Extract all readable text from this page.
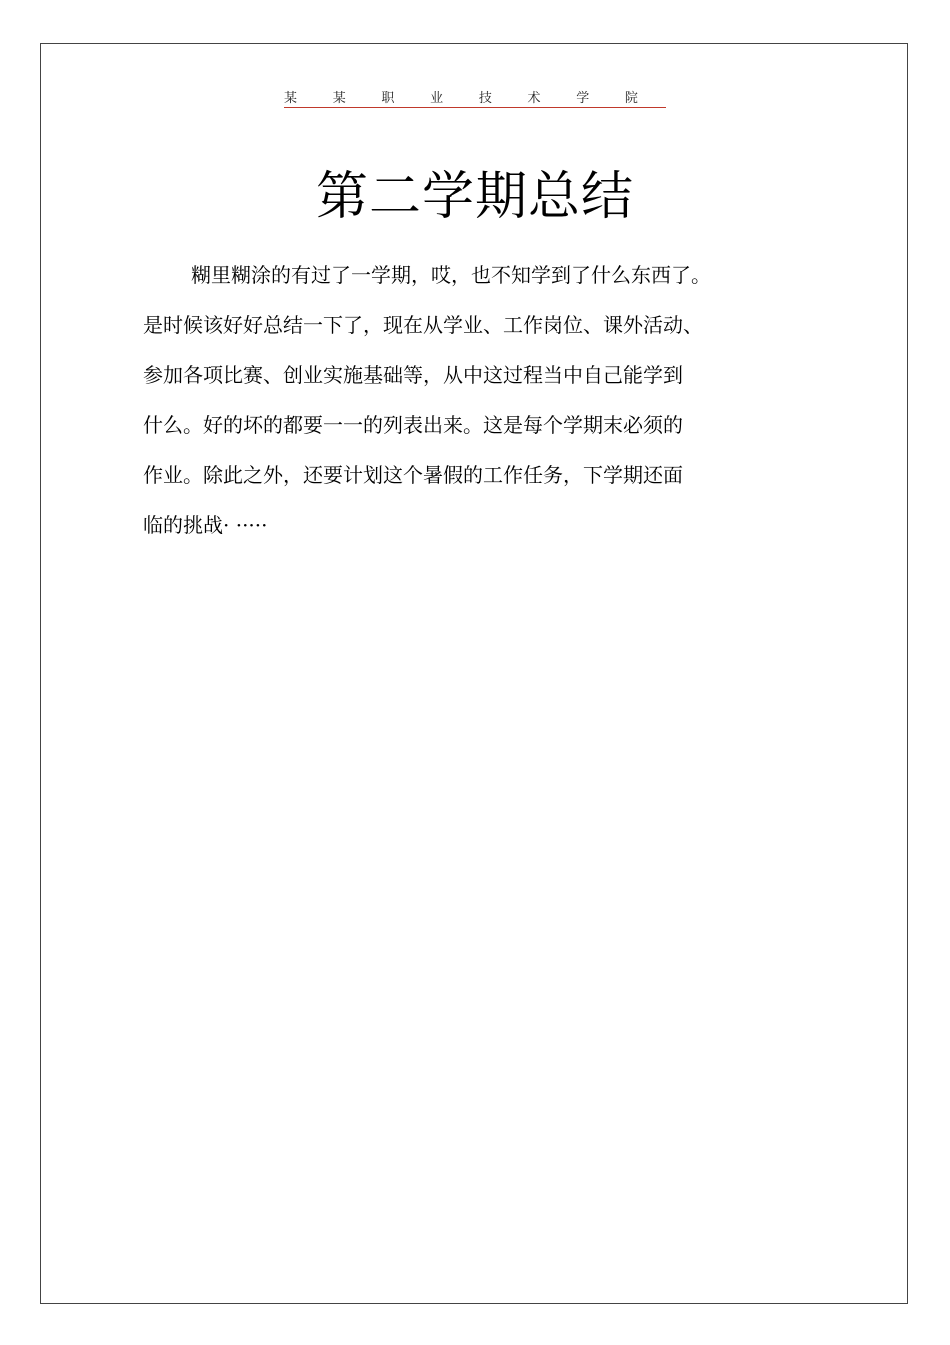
某	某	职	业	技	术	学	院
第二学期总结
糊里糊涂的有过了一学期，哎，也不知学到了什么东西了。
是时候该好好总结一下了，现在从学业、工作岗位、课外活动、
参加各项比赛、创业实施基础等，从中这过程当中自己能学到
什么。好的坏的都要一一的列表出来。这是每个学期末必须的
作业。除此之外，还要计划这个暑假的工作任务，下学期还面
临的挑战· ·····
